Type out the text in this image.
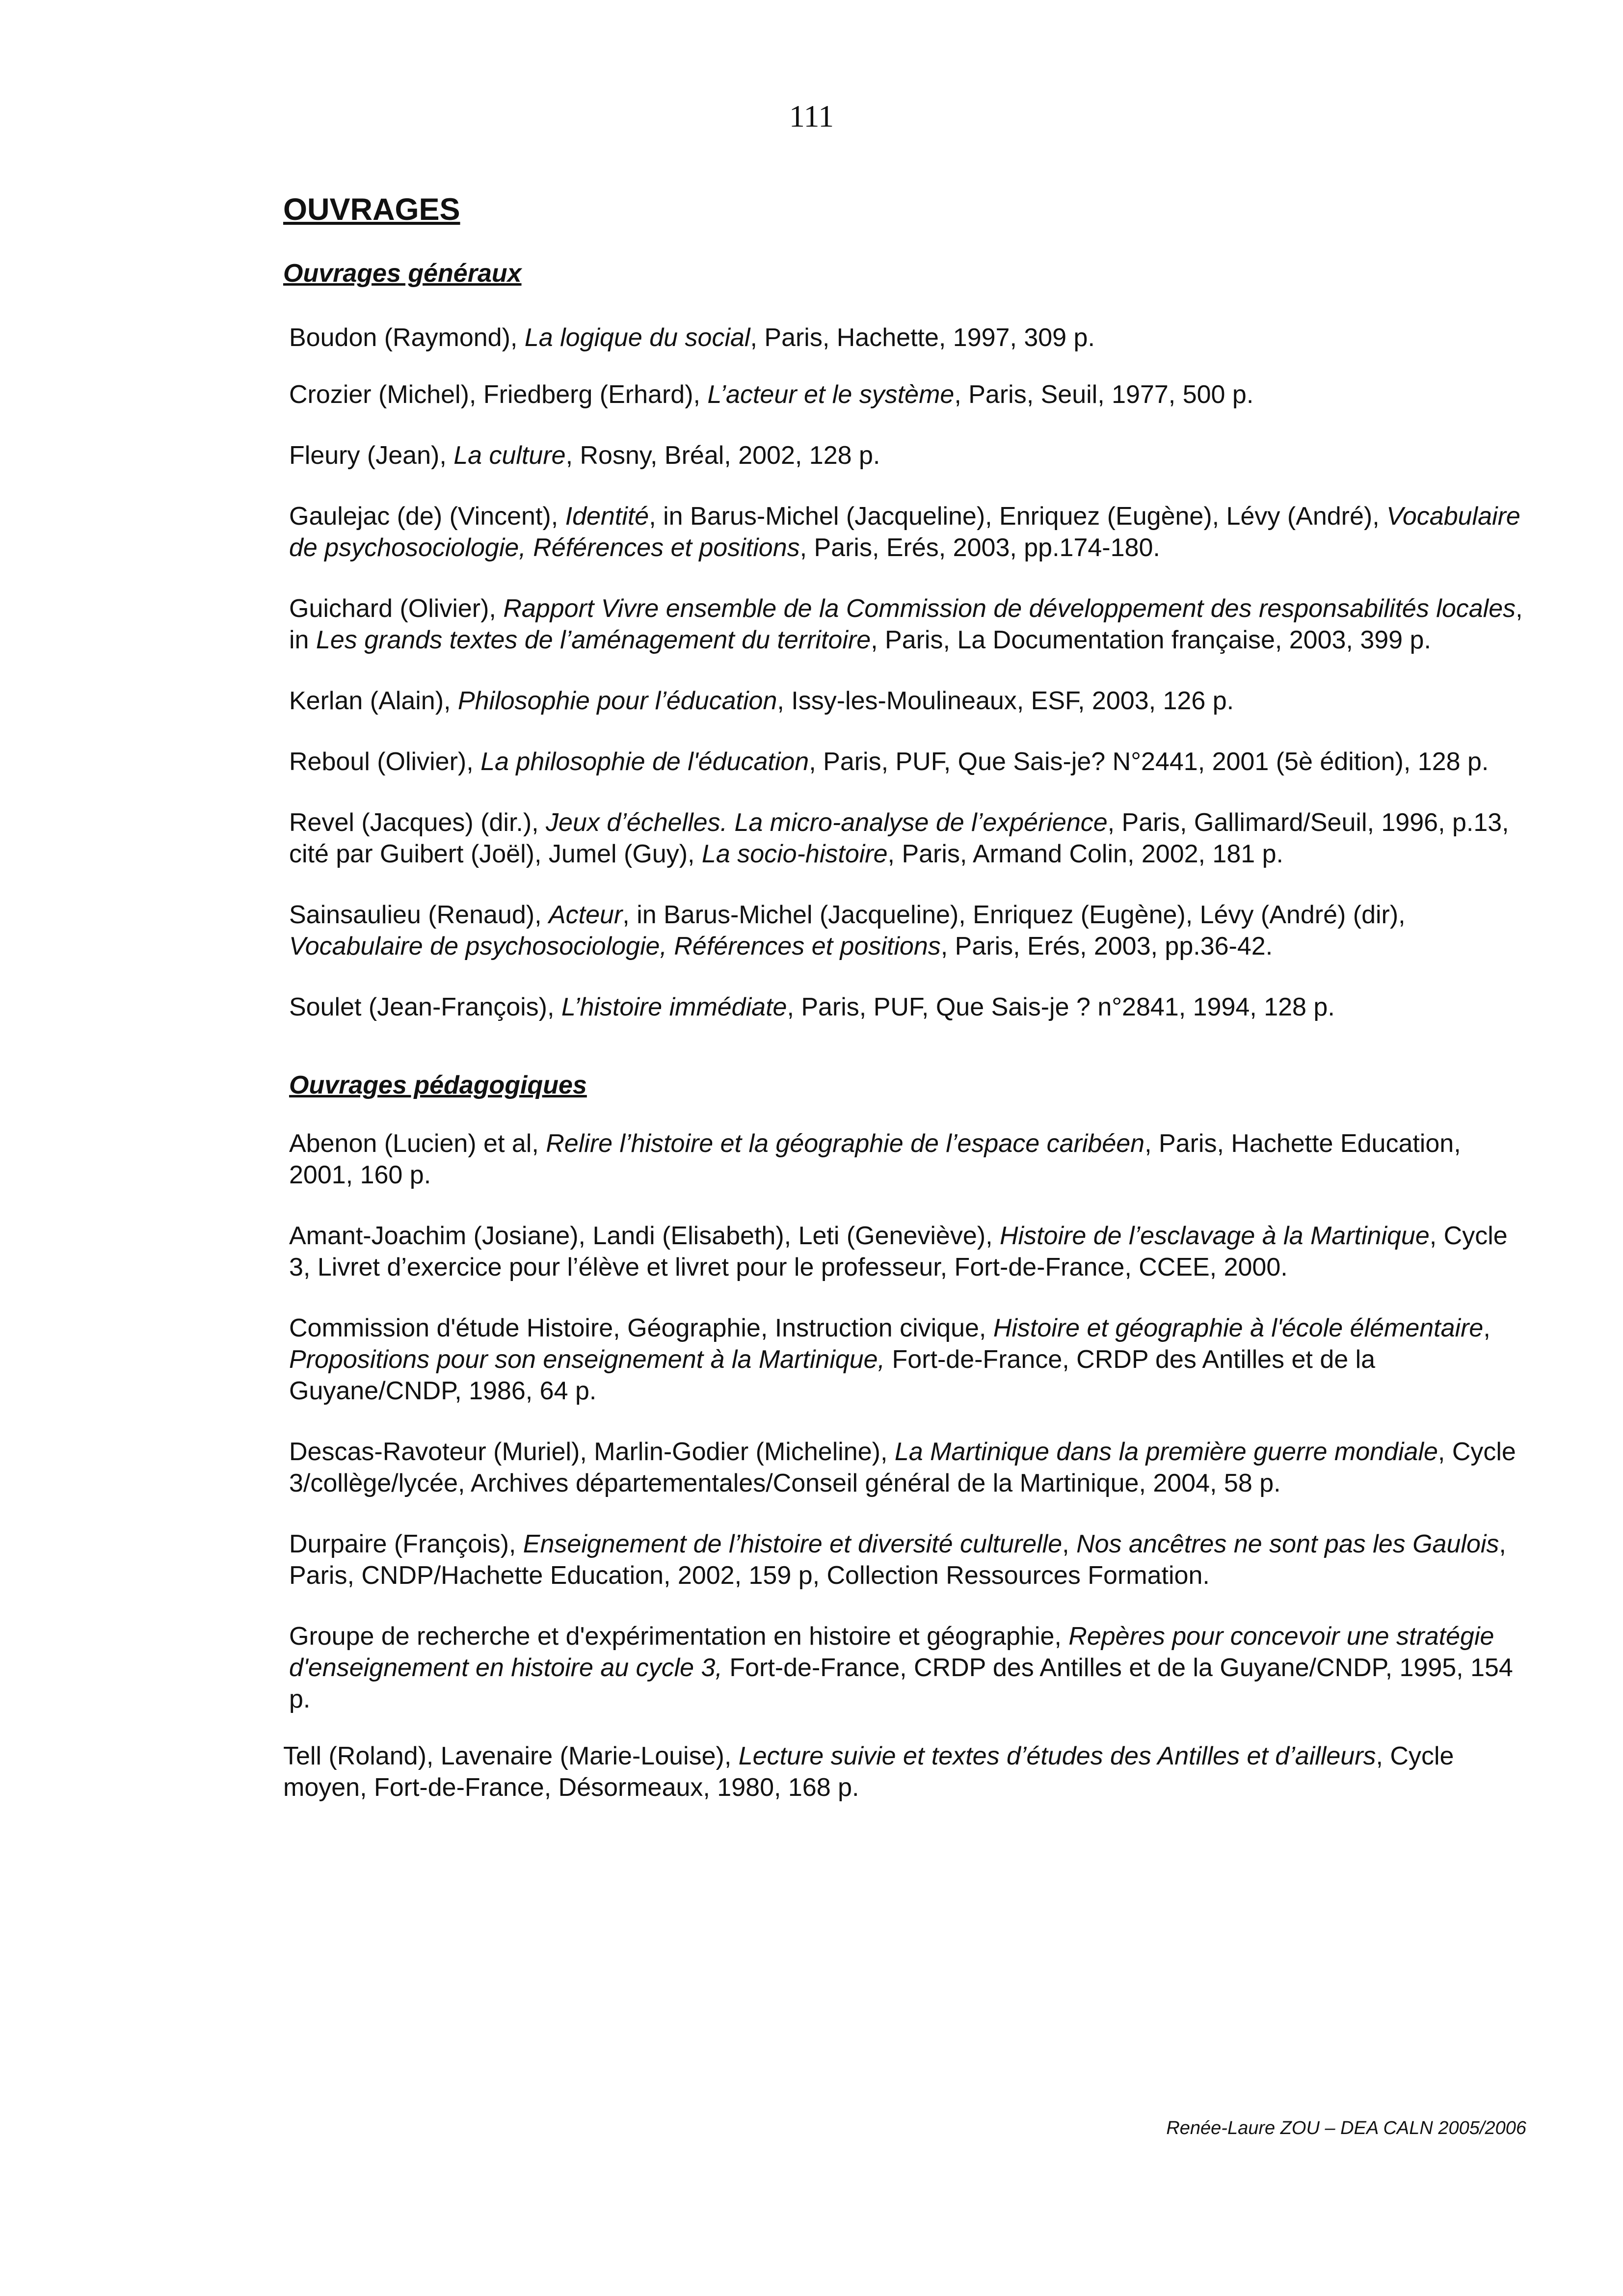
111
OUVRAGES
Ouvrages généraux
Boudon (Raymond), La logique du social, Paris, Hachette, 1997, 309 p.
Crozier (Michel), Friedberg (Erhard), L’acteur et le système, Paris, Seuil, 1977, 500 p.
Fleury (Jean), La culture, Rosny, Bréal, 2002, 128 p.
Gaulejac (de) (Vincent), Identité, in Barus-Michel (Jacqueline), Enriquez (Eugène), Lévy (André), Vocabulaire de psychosociologie, Références et positions, Paris, Erés, 2003, pp.174-180.
Guichard (Olivier), Rapport Vivre ensemble de la Commission de développement des responsabilités locales, in Les grands textes de l’aménagement du territoire, Paris, La Documentation française, 2003, 399 p.
Kerlan (Alain), Philosophie pour l’éducation, Issy-les-Moulineaux, ESF, 2003, 126 p.
Reboul (Olivier), La philosophie de l'éducation, Paris, PUF, Que Sais-je? N°2441, 2001 (5è édition), 128 p.
Revel (Jacques) (dir.), Jeux d’échelles. La micro-analyse de l’expérience, Paris, Gallimard/Seuil, 1996, p.13, cité par Guibert (Joël), Jumel (Guy), La socio-histoire, Paris, Armand Colin, 2002, 181 p.
Sainsaulieu (Renaud), Acteur, in Barus-Michel (Jacqueline), Enriquez (Eugène), Lévy (André) (dir), Vocabulaire de psychosociologie, Références et positions, Paris, Erés, 2003, pp.36-42.
Soulet (Jean-François), L’histoire immédiate, Paris, PUF, Que Sais-je ? n°2841, 1994, 128 p.
Ouvrages pédagogiques
Abenon (Lucien) et al, Relire l’histoire et la géographie de l’espace caribéen, Paris, Hachette Education, 2001, 160 p.
Amant-Joachim (Josiane), Landi (Elisabeth), Leti (Geneviève), Histoire de l’esclavage à la Martinique, Cycle 3, Livret d’exercice pour l’élève et livret pour le professeur, Fort-de-France, CCEE, 2000.
Commission d'étude Histoire, Géographie, Instruction civique, Histoire et géographie à l'école élémentaire, Propositions pour son enseignement à la Martinique, Fort-de-France, CRDP des Antilles et de la Guyane/CNDP, 1986, 64 p.
Descas-Ravoteur (Muriel), Marlin-Godier (Micheline), La Martinique dans la première guerre mondiale, Cycle 3/collège/lycée, Archives départementales/Conseil général de la Martinique, 2004, 58 p.
Durpaire (François), Enseignement de l’histoire et diversité culturelle, Nos ancêtres ne sont pas les Gaulois, Paris, CNDP/Hachette Education, 2002, 159 p, Collection Ressources Formation.
Groupe de recherche et d'expérimentation en histoire et géographie, Repères pour concevoir une stratégie d'enseignement en histoire au cycle 3, Fort-de-France, CRDP des Antilles et de la Guyane/CNDP, 1995, 154 p.
Tell (Roland), Lavenaire (Marie-Louise), Lecture suivie et textes d’études des Antilles et d’ailleurs, Cycle moyen, Fort-de-France, Désormeaux, 1980, 168 p.
Renée-Laure ZOU – DEA CALN 2005/2006
